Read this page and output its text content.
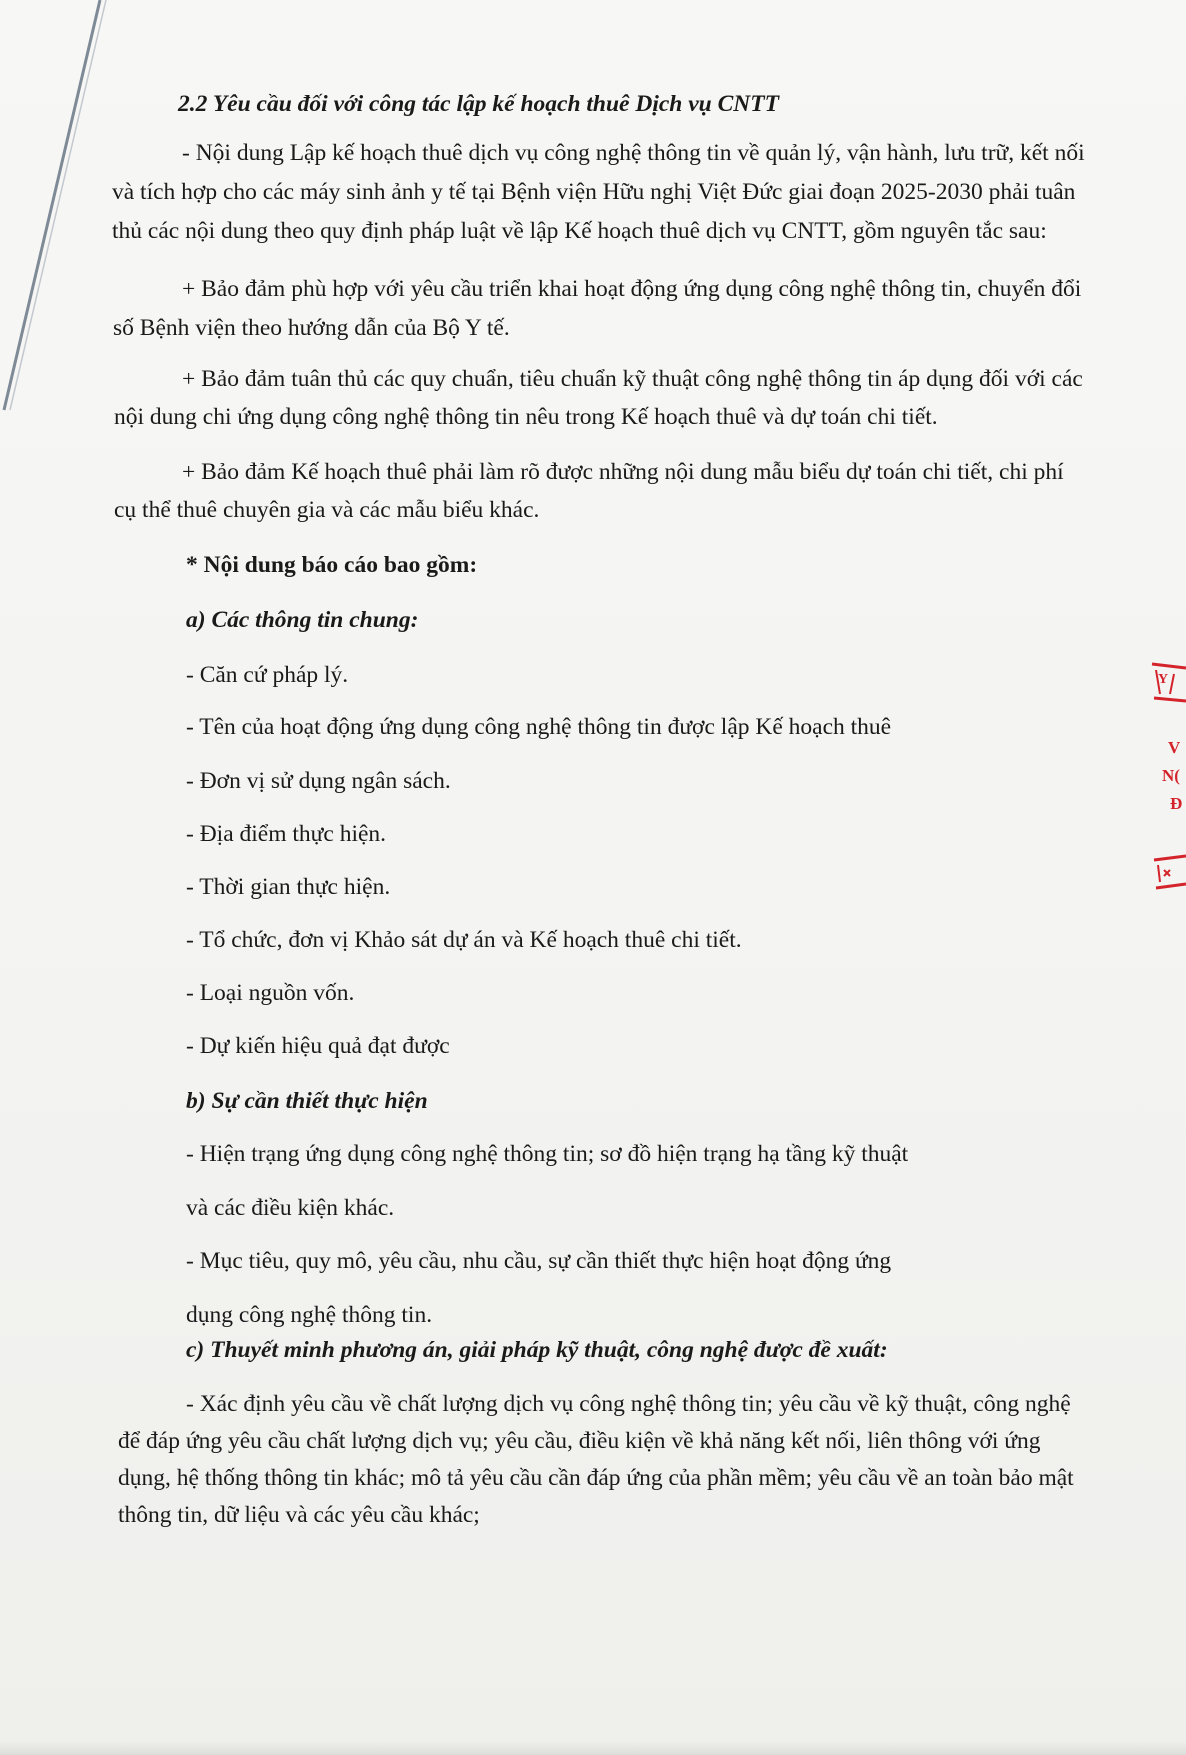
2.2 Yêu cầu đối với công tác lập kế hoạch thuê Dịch vụ CNTT

- Nội dung Lập kế hoạch thuê dịch vụ công nghệ thông tin về quản lý, vận hành, lưu trữ, kết nối

và tích hợp cho các máy sinh ảnh y tế tại Bệnh viện Hữu nghị Việt Đức giai đoạn 2025-2030 phải tuân

thủ các nội dung theo quy định pháp luật về lập Kế hoạch thuê dịch vụ CNTT, gồm nguyên tắc sau:

+ Bảo đảm phù hợp với yêu cầu triển khai hoạt động ứng dụng công nghệ thông tin, chuyển đổi

số Bệnh viện theo hướng dẫn của Bộ Y tế.

+ Bảo đảm tuân thủ các quy chuẩn, tiêu chuẩn kỹ thuật công nghệ thông tin áp dụng đối với các

nội dung chi ứng dụng công nghệ thông tin nêu trong Kế hoạch thuê và dự toán chi tiết.

+ Bảo đảm Kế hoạch thuê phải làm rõ được những nội dung mẫu biểu dự toán chi tiết, chi phí

cụ thể thuê chuyên gia và các mẫu biểu khác.

* Nội dung báo cáo bao gồm:

a) Các thông tin chung:

- Căn cứ pháp lý.

- Tên của hoạt động ứng dụng công nghệ thông tin được lập Kế hoạch thuê

- Đơn vị sử dụng ngân sách.

- Địa điểm thực hiện.

- Thời gian thực hiện.

- Tổ chức, đơn vị Khảo sát dự án và Kế hoạch thuê chi tiết.

- Loại nguồn vốn.

- Dự kiến hiệu quả đạt được

b) Sự cần thiết thực hiện

- Hiện trạng ứng dụng công nghệ thông tin; sơ đồ hiện trạng hạ tầng kỹ thuật

và các điều kiện khác.

- Mục tiêu, quy mô, yêu cầu, nhu cầu, sự cần thiết thực hiện hoạt động ứng

dụng công nghệ thông tin.

c) Thuyết minh phương án, giải pháp kỹ thuật, công nghệ được đề xuất:

- Xác định yêu cầu về chất lượng dịch vụ công nghệ thông tin; yêu cầu về kỹ thuật, công nghệ

để đáp ứng yêu cầu chất lượng dịch vụ; yêu cầu, điều kiện về khả năng kết nối, liên thông với ứng

dụng, hệ thống thông tin khác; mô tả yêu cầu cần đáp ứng của phần mềm; yêu cầu về an toàn bảo mật

thông tin, dữ liệu và các yêu cầu khác;

Y
V
N(
Đ
